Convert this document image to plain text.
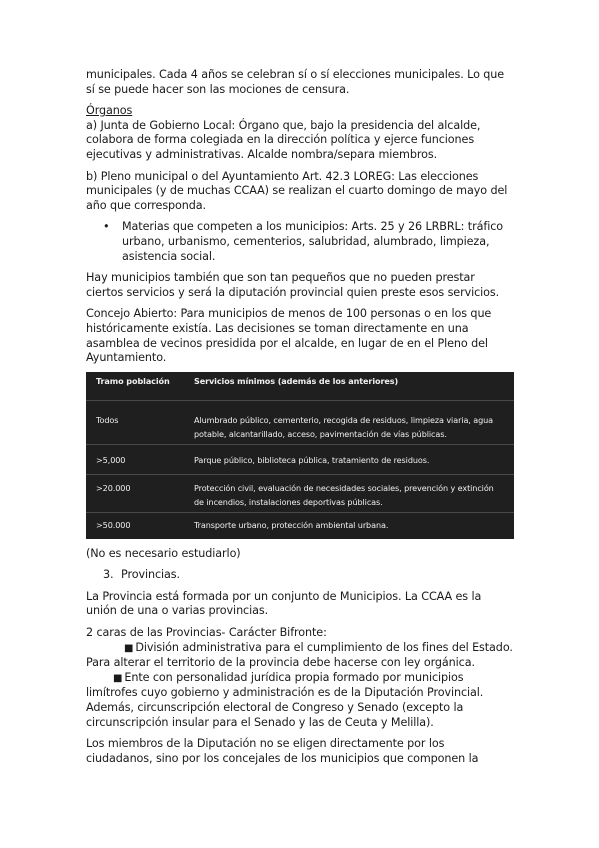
municipales. Cada 4 años se celebran sí o sí elecciones municipales. Lo que sí se puede hacer son las mociones de censura.

Órganos
a) Junta de Gobierno Local: Órgano que, bajo la presidencia del alcalde, colabora de forma colegiada en la dirección política y ejerce funciones ejecutivas y administrativas. Alcalde nombra/separa miembros.

b) Pleno municipal o del Ayuntamiento Art. 42.3 LOREG: Las elecciones municipales (y de muchas CCAA) se realizan el cuarto domingo de mayo del año que corresponda.

• Materias que competen a los municipios: Arts. 25 y 26 LRBRL: tráfico urbano, urbanismo, cementerios, salubridad, alumbrado, limpieza, asistencia social.

Hay municipios también que son tan pequeños que no pueden prestar ciertos servicios y será la diputación provincial quien preste esos servicios.

Concejo Abierto: Para municipios de menos de 100 personas o en los que históricamente existía. Las decisiones se toman directamente en una asamblea de vecinos presidida por el alcalde, en lugar de en el Pleno del Ayuntamiento.

Tramo población	Servicios mínimos (además de los anteriores)
Todos	Alumbrado público, cementerio, recogida de residuos, limpieza viaria, agua potable, alcantarillado, acceso, pavimentación de vías públicas.
>5,000	Parque público, biblioteca pública, tratamiento de residuos.
>20.000	Protección civil, evaluación de necesidades sociales, prevención y extinción de incendios, instalaciones deportivas públicas.
>50.000	Transporte urbano, protección ambiental urbana.

(No es necesario estudiarlo)

3. Provincias.

La Provincia está formada por un conjunto de Municipios. La CCAA es la unión de una o varias provincias.

2 caras de las Provincias- Carácter Bifronte:
■ División administrativa para el cumplimiento de los fines del Estado. Para alterar el territorio de la provincia debe hacerse con ley orgánica.
■ Ente con personalidad jurídica propia formado por municipios limítrofes cuyo gobierno y administración es de la Diputación Provincial. Además, circunscripción electoral de Congreso y Senado (excepto la circunscripción insular para el Senado y las de Ceuta y Melilla).

Los miembros de la Diputación no se eligen directamente por los ciudadanos, sino por los concejales de los municipios que componen la
